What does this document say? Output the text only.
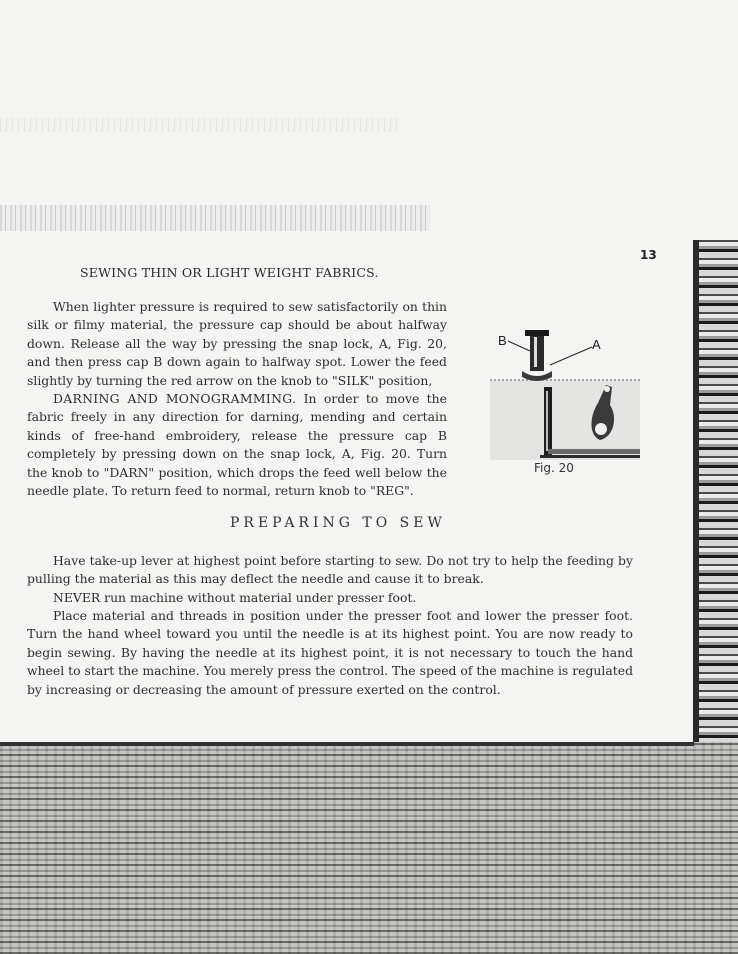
13
SEWING THIN OR LIGHT WEIGHT FABRICS.

When lighter pressure is required to sew satisfactorily on thin silk or filmy material, the pressure cap should be about halfway down. Release all the way by pressing the snap lock, A, Fig. 20, and then press cap B down again to halfway spot. Lower the feed slightly by turning the red arrow on the knob to "SILK" position,
DARNING AND MONOGRAMMING. In order to move the fabric freely in any direction for darning, mending and certain kinds of free-hand embroidery, release the pressure cap B completely by pressing down on the snap lock, A, Fig. 20. Turn the knob to "DARN" position, which drops the feed well below the needle plate. To return feed to normal, return knob to "REG".

B	A
Fig. 20
PREPARING TO SEW

Have take-up lever at highest point before starting to sew. Do not try to help the feeding by pulling the material as this may deflect the needle and cause it to break.

NEVER run machine without material under presser foot.

Place material and threads in position under the presser foot and lower the presser foot. Turn the hand wheel toward you until the needle is at its highest point. You are now ready to begin sewing. By having the needle at its highest point, it is not necessary to touch the hand wheel to start the machine. You merely press the control. The speed of the machine is regulated by increasing or decreasing the amount of pressure exerted on the control.
